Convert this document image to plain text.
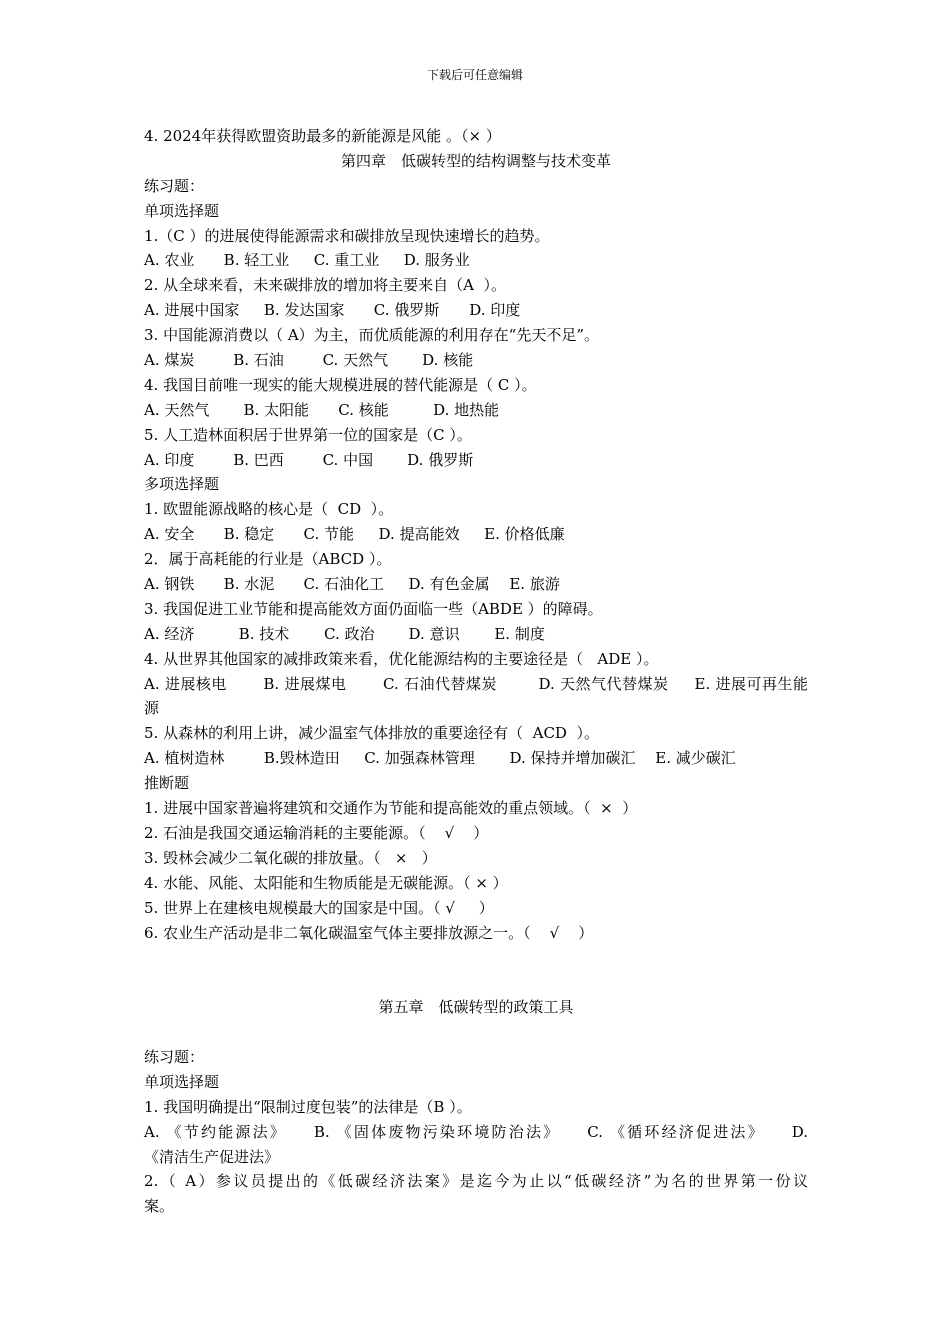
下载后可任意编辑
4. 2024年获得欧盟资助最多的新能源是风能 。（× ）
第四章　低碳转型的结构调整与技术变革
练习题：
单项选择题
1.（C ）的进展使得能源需求和碳排放呈现快速增长的趋势。
A. 农业　   B. 轻工业　  C. 重工业　  D. 服务业
2. 从全球来看，未来碳排放的增加将主要来自（A  ）。
A. 进展中国家　  B. 发达国家　   C. 俄罗斯　　D. 印度
3. 中国能源消费以（ A）为主，而优质能源的利用存在“先天不足”。
A. 煤炭　     B. 石油　     C. 天然气　    D. 核能
4. 我国目前唯一现实的能大规模进展的替代能源是（ C ）。
A. 天然气　    B. 太阳能　   C. 核能　　   D. 地热能
5. 人工造林面积居于世界第一位的国家是（C ）。
A. 印度　     B. 巴西　     C. 中国　    D. 俄罗斯
多项选择题
1. 欧盟能源战略的核心是（  CD  ）。
A. 安全　   B. 稳定　   C. 节能　  D. 提高能效　  E. 价格低廉
2．属于高耗能的行业是（ABCD ）。
A. 钢铁　   B. 水泥　   C. 石油化工　  D. 有色金属　 E. 旅游
3. 我国促进工业节能和提高能效方面仍面临一些（ABDE ）的障碍。
A. 经济　　   B. 技术　　 C. 政治　    D. 意识　　 E. 制度
4. 从世界其他国家的减排政策来看，优化能源结构的主要途径是（   ADE ）。
A. 进展核电　    B. 进展煤电　    C. 石油代替煤炭　　  D. 天然气代替煤炭　  E. 进展可再生能
源
5. 从森林的利用上讲，减少温室气体排放的重要途径有（  ACD  ）。
A. 植树造林　　  B.毁林造田　  C. 加强森林管理　　 D. 保持并增加碳汇　 E. 减少碳汇
推断题
1. 进展中国家普遍将建筑和交通作为节能和提高能效的重点领域。（  ×  ）
2. 石油是我国交通运输消耗的主要能源。（    √    ）
3. 毁林会减少二氧化碳的排放量。（   ×   ）
4. 水能、风能、太阳能和生物质能是无碳能源。（ × ）
5. 世界上在建核电规模最大的国家是中国。（ √     ）
6. 农业生产活动是非二氧化碳温室气体主要排放源之一。（    √    ）
第五章　低碳转型的政策工具
练习题：
单项选择题
1. 我国明确提出“限制过度包装”的法律是（B ）。
A. 《节约能源法》　　B. 《固体废物污染环境防治法》　　C. 《循环经济促进法》　　D.
《清洁生产促进法》
2.（ A）参议员提出的《低碳经济法案》是迄今为止以“低碳经济”为名的世界第一份议
案。
